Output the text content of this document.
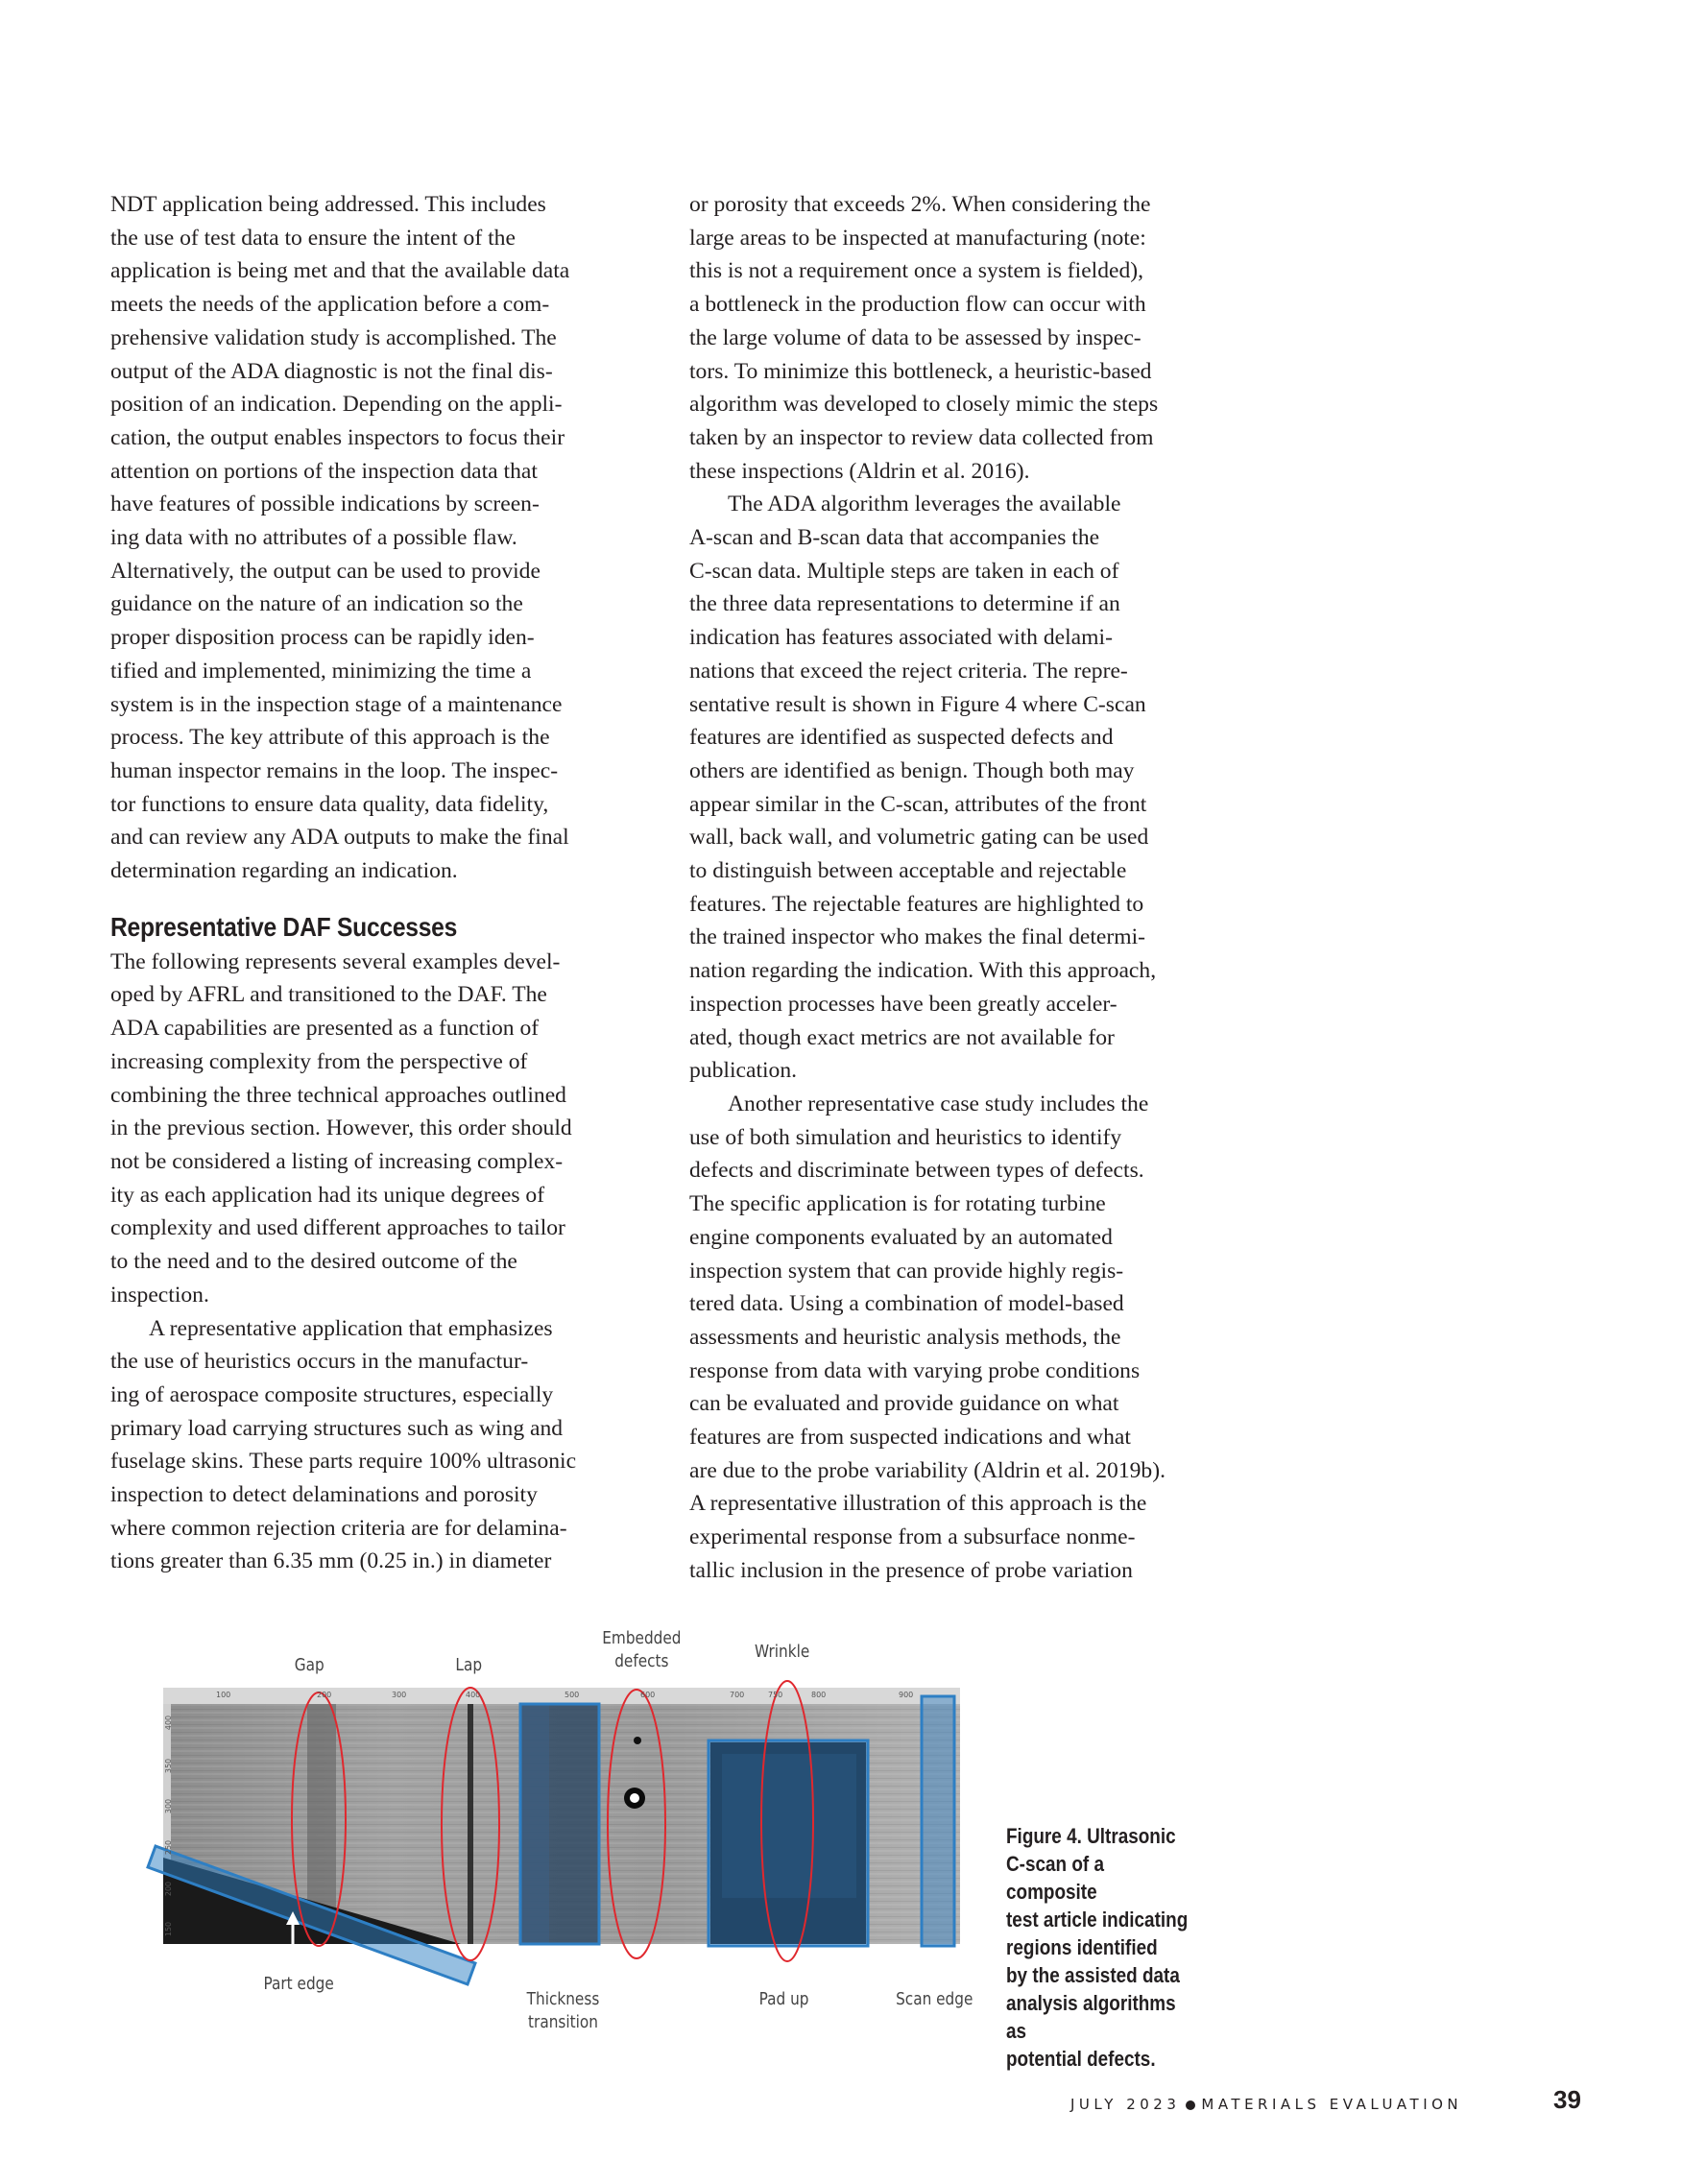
NDT application being addressed. This includes
the use of test data to ensure the intent of the
application is being met and that the available data
meets the needs of the application before a com-
prehensive validation study is accomplished. The
output of the ADA diagnostic is not the final dis-
position of an indication. Depending on the appli-
cation, the output enables inspectors to focus their
attention on portions of the inspection data that
have features of possible indications by screen-
ing data with no attributes of a possible flaw.
Alternatively, the output can be used to provide
guidance on the nature of an indication so the
proper disposition process can be rapidly iden-
tified and implemented, minimizing the time a
system is in the inspection stage of a maintenance
process. The key attribute of this approach is the
human inspector remains in the loop. The inspec-
tor functions to ensure data quality, data fidelity,
and can review any ADA outputs to make the final
determination regarding an indication.

Representative DAF Successes

The following represents several examples devel-
oped by AFRL and transitioned to the DAF. The
ADA capabilities are presented as a function of
increasing complexity from the perspective of
combining the three technical approaches outlined
in the previous section. However, this order should
not be considered a listing of increasing complex-
ity as each application had its unique degrees of
complexity and used different approaches to tailor
to the need and to the desired outcome of the
inspection.

A representative application that emphasizes
the use of heuristics occurs in the manufactur-
ing of aerospace composite structures, especially
primary load carrying structures such as wing and
fuselage skins. These parts require 100% ultrasonic
inspection to detect delaminations and porosity
where common rejection criteria are for delamina-
tions greater than 6.35 mm (0.25 in.) in diameter

or porosity that exceeds 2%. When considering the
large areas to be inspected at manufacturing (note:
this is not a requirement once a system is fielded),
a bottleneck in the production flow can occur with
the large volume of data to be assessed by inspec-
tors. To minimize this bottleneck, a heuristic-based
algorithm was developed to closely mimic the steps
taken by an inspector to review data collected from
these inspections (Aldrin et al. 2016).

The ADA algorithm leverages the available
A-scan and B-scan data that accompanies the
C-scan data. Multiple steps are taken in each of
the three data representations to determine if an
indication has features associated with delami-
nations that exceed the reject criteria. The repre-
sentative result is shown in Figure 4 where C-scan
features are identified as suspected defects and
others are identified as benign. Though both may
appear similar in the C-scan, attributes of the front
wall, back wall, and volumetric gating can be used
to distinguish between acceptable and rejectable
features. The rejectable features are highlighted to
the trained inspector who makes the final determi-
nation regarding the indication. With this approach,
inspection processes have been greatly acceler-
ated, though exact metrics are not available for
publication.

Another representative case study includes the
use of both simulation and heuristics to identify
defects and discriminate between types of defects.
The specific application is for rotating turbine
engine components evaluated by an automated
inspection system that can provide highly regis-
tered data. Using a combination of model-based
assessments and heuristic analysis methods, the
response from data with varying probe conditions
can be evaluated and provide guidance on what
features are from suspected indications and what
are due to the probe variability (Aldrin et al. 2019b).
A representative illustration of this approach is the
experimental response from a subsurface nonme-
tallic inclusion in the presence of probe variation

100	200	300	400	500	600	700	750	800	900
400
350
300
250
200
150
Gap	Lap
Embedded
defects	Wrinkle
Part edge
Thickness
transition
Pad up	Scan edge
Figure 4. Ultrasonic
C-scan of a composite
test article indicating
regions identified
by the assisted data
analysis algorithms as
potential defects.
JULY 2023 MATERIALS EVALUATION	39
